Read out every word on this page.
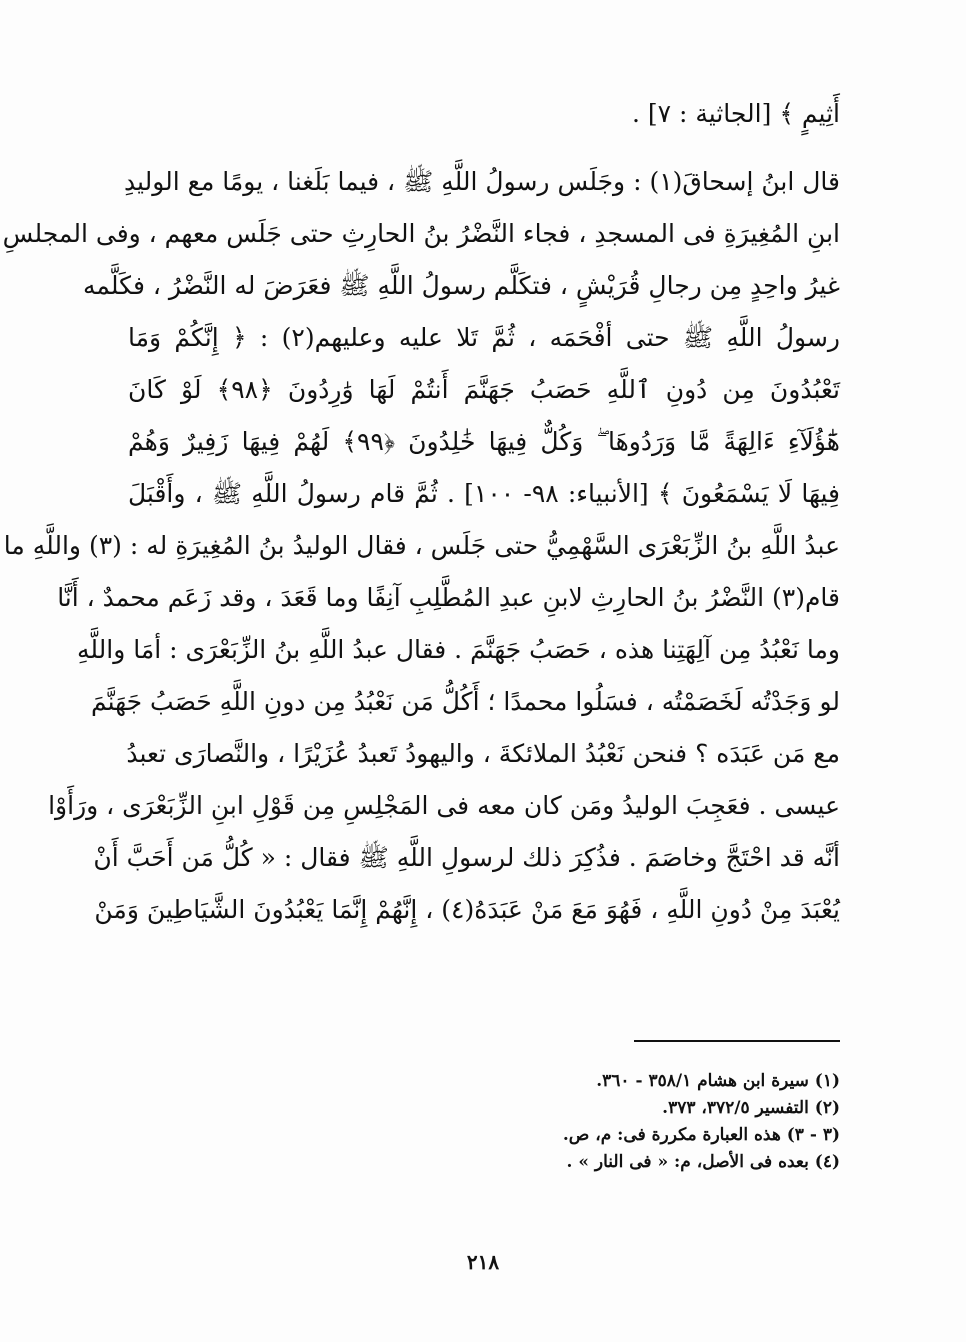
أَثِيمٍ ﴾ [الجاثية : ٧] .
قال ابنُ إسحاقَ(١) : وجَلَس رسولُ اللَّهِ ﷺ ، فيما بَلَغنا ، يومًا مع الوليدِ
ابنِ المُغِيرَةِ فى المسجدِ ، فجاء النَّضْرُ بنُ الحارِثِ حتى جَلَس معهم ، وفى المجلسِ
غيرُ واحِدٍ مِن رجالِ قُرَيْشٍ ، فتكَلَّم رسولُ اللَّهِ ﷺ فعَرَضَ له النَّضْرُ ، فكَلَّمه
رسولُ اللَّهِ ﷺ حتى أفْحَمَه ، ثُمَّ تَلا عليه وعليهم(٢) : ﴿ إِنَّكُمْ وَمَا
تَعْبُدُونَ مِن دُونِ ٱللَّهِ حَصَبُ جَهَنَّمَ أَنتُمْ لَهَا وَٰرِدُونَ ﴿٩٨﴾ لَوْ كَانَ
هَٰٓؤُلَآءِ ءَالِهَةً مَّا وَرَدُوهَا ۖ وَكُلٌّ فِيهَا خَٰلِدُونَ ﴿٩٩﴾ لَهُمْ فِيهَا زَفِيرٌ وَهُمْ
فِيهَا لَا يَسْمَعُونَ ﴾ [الأنبياء: ٩٨- ١٠٠] . ثُمَّ قام رسولُ اللَّهِ ﷺ ، وأَقْبَلَ
عبدُ اللَّهِ بنُ الزِّبَعْرَى السَّهْمِيُّ حتى جَلَس ، فقال الوليدُ بنُ المُغِيرَةِ له : (٣) واللَّهِ ما
قام(٣) النَّضْرُ بنُ الحارِثِ لابنِ عبدِ المُطَّلِبِ آنِفًا وما قَعَدَ ، وقد زَعَم محمدٌ ، أَنَّا
وما نَعْبُدُ مِن آلِهَتِنا هذه ، حَصَبُ جَهَنَّمَ . فقال عبدُ اللَّهِ بنُ الزِّبَعْرَى : أمَا واللَّهِ
لو وَجَدْتُه لَخَصَمْتُه ، فسَلُوا محمدًا ؛ أَكُلُّ مَن نَعْبُدُ مِن دونِ اللَّهِ حَصَبُ جَهَنَّمَ
مع مَن عَبَدَه ؟ فنحن نَعْبُدُ الملائكةَ ، واليهودُ تَعبدُ عُزَيْرًا ، والنَّصارَى تعبدُ
عيسى . فعَجِبَ الوليدُ ومَن كان معه فى المَجْلِسِ مِن قَوْلِ ابنِ الزِّبَعْرَى ، ورَأَوْا
أنَّه قد احْتَجَّ وخاصَمَ . فذُكِرَ ذلك لرسولِ اللَّهِ ﷺ فقال : « كُلُّ مَن أَحَبَّ أَنْ
يُعْبَدَ مِنْ دُونِ اللَّهِ ، فَهُوَ مَعَ مَنْ عَبَدَهُ(٤) ، إِنَّهُمْ إِنَّمَا يَعْبُدُونَ الشَّيَاطِينَ وَمَنْ
(١) سيرة ابن هشام ٣٥٨/١ - ٣٦٠.
(٢) التفسير ٣٧٢/٥، ٣٧٣.
(٣ - ٣) هذه العبارة مكررة فى: م، ص.
(٤) بعده فى الأصل، م: « فى النار » .
٢١٨
